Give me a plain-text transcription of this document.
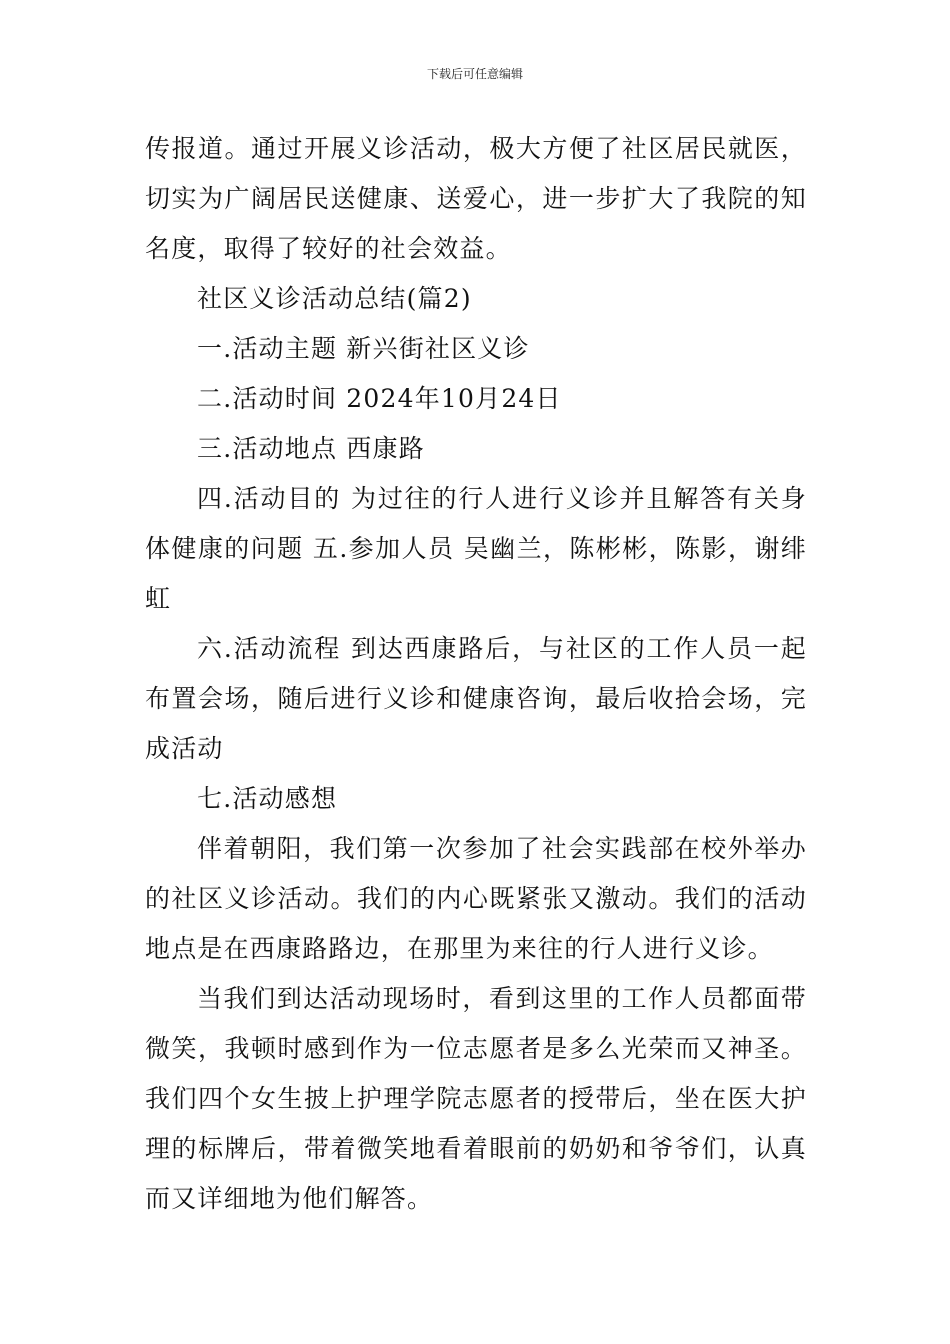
下载后可任意编辑

传报道。通过开展义诊活动，极大方便了社区居民就医，切实为广阔居民送健康、送爱心，进一步扩大了我院的知名度，取得了较好的社会效益。

社区义诊活动总结(篇2)

一.活动主题 新兴街社区义诊

二.活动时间 2024年10月24日

三.活动地点 西康路

四.活动目的 为过往的行人进行义诊并且解答有关身体健康的问题 五.参加人员 吴幽兰，陈彬彬，陈影，谢绯虹

六.活动流程 到达西康路后，与社区的工作人员一起布置会场，随后进行义诊和健康咨询，最后收拾会场，完成活动

七.活动感想

伴着朝阳，我们第一次参加了社会实践部在校外举办的社区义诊活动。我们的内心既紧张又激动。我们的活动地点是在西康路路边，在那里为来往的行人进行义诊。

当我们到达活动现场时，看到这里的工作人员都面带微笑，我顿时感到作为一位志愿者是多么光荣而又神圣。我们四个女生披上护理学院志愿者的授带后，坐在医大护理的标牌后，带着微笑地看着眼前的奶奶和爷爷们，认真而又详细地为他们解答。
